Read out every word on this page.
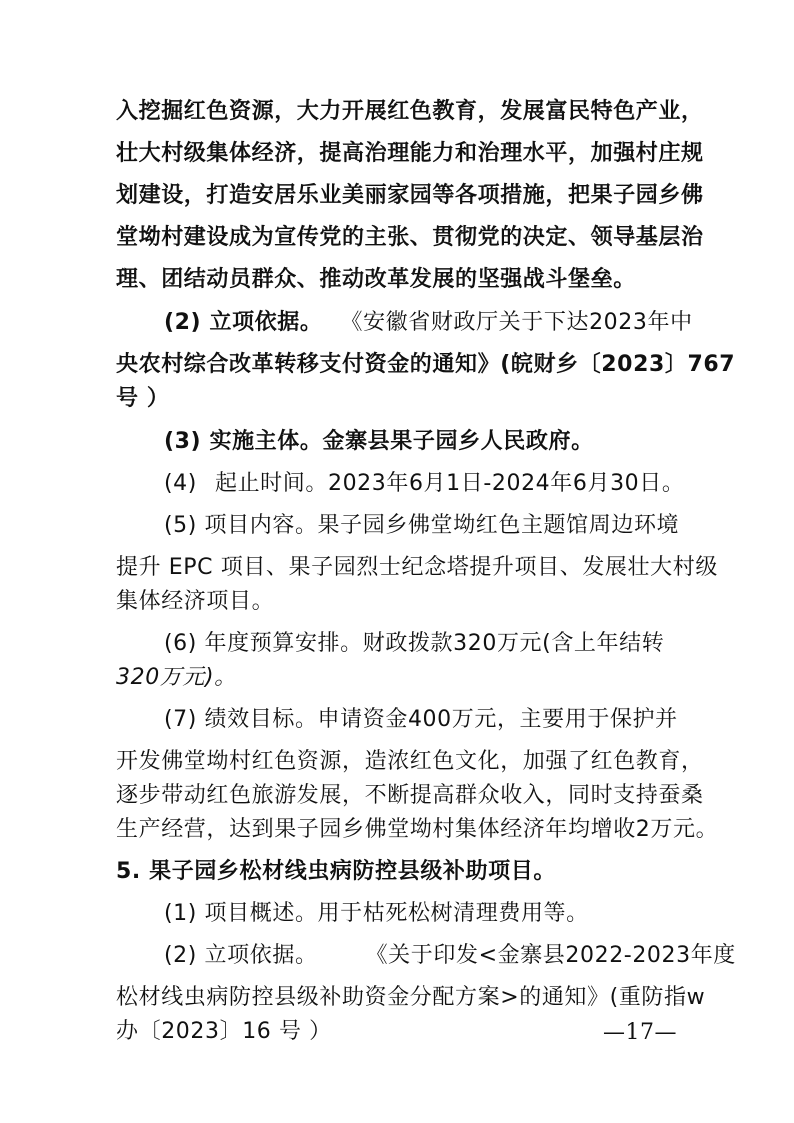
入挖掘红色资源，大力开展红色教育，发展富民特色产业，
壮大村级集体经济，提高治理能力和治理水平，加强村庄规
划建设，打造安居乐业美丽家园等各项措施，把果子园乡佛
堂坳村建设成为宣传党的主张、贯彻党的决定、领导基层治
理、团结动员群众、推动改革发展的坚强战斗堡垒。
(2) 立项依据。 《安徽省财政厅关于下达2023年中
央农村综合改革转移支付资金的通知》(皖财乡〔2023〕767
号 ）
(3) 实施主体。金寨县果子园乡人民政府。
(4) 起止时间。2023年6月1日-2024年6月30日。
(5) 项目内容。果子园乡佛堂坳红色主题馆周边环境
提升 EPC 项目、果子园烈士纪念塔提升项目、发展壮大村级
集体经济项目。
(6) 年度预算安排。财政拨款320万元(含上年结转
320万元)。
(7) 绩效目标。申请资金400万元，主要用于保护并
开发佛堂坳村红色资源，造浓红色文化，加强了红色教育，
逐步带动红色旅游发展，不断提高群众收入，同时支持蚕桑
生产经营，达到果子园乡佛堂坳村集体经济年均增收2万元。
5. 果子园乡松材线虫病防控县级补助项目。
(1) 项目概述。用于枯死松树清理费用等。
(2) 立项依据。 《关于印发<金寨县2022-2023年度
松材线虫病防控县级补助资金分配方案>的通知》(重防指w
办〔2023〕16 号 ）	—17—
